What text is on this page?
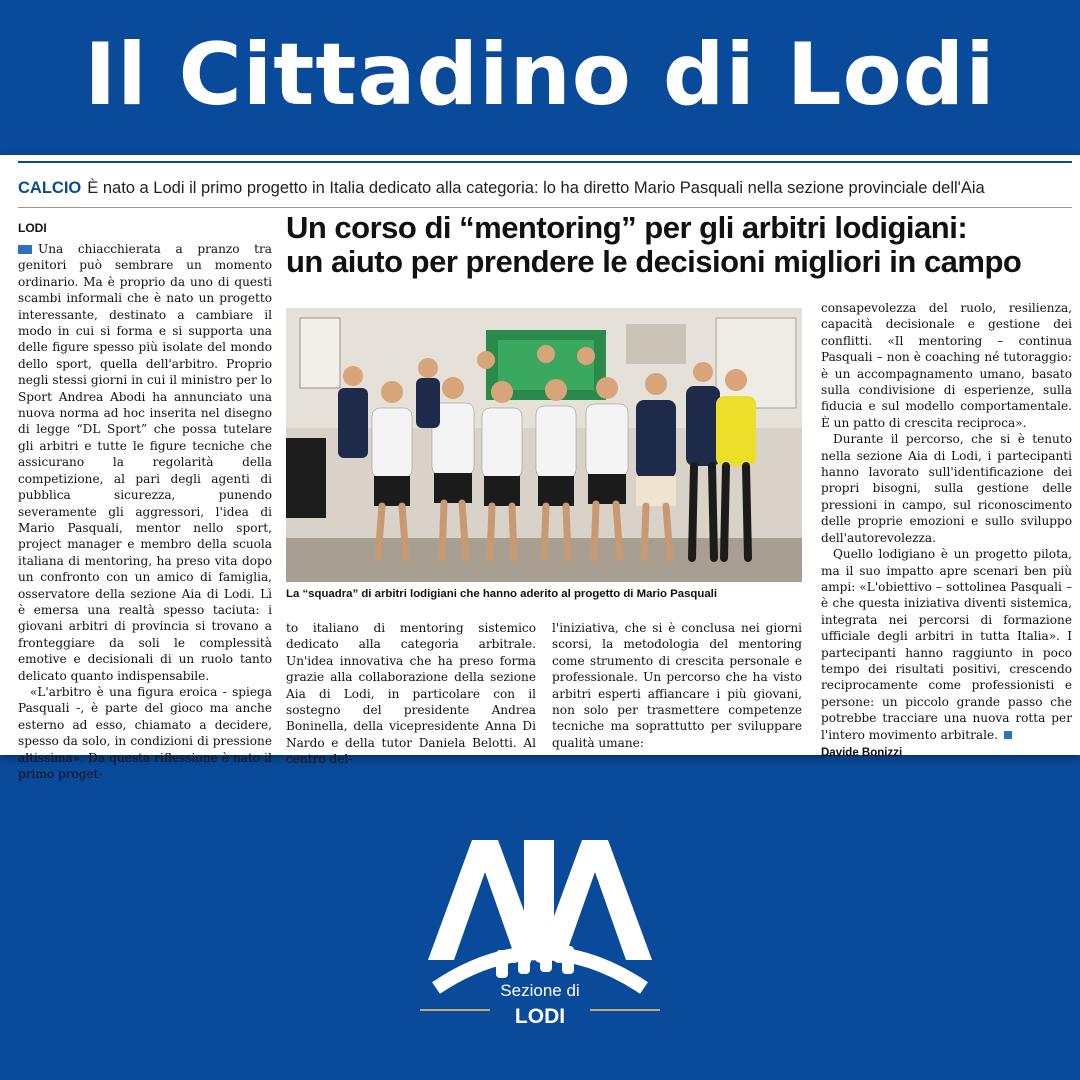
Il Cittadino di Lodi
CALCIO È nato a Lodi il primo progetto in Italia dedicato alla categoria: lo ha diretto Mario Pasquali nella sezione provinciale dell'Aia
LODI

Una chiacchierata a pranzo tra genitori può sembrare un momento ordinario. Ma è proprio da uno di questi scambi informali che è nato un progetto interessante, destinato a cambiare il modo in cui si forma e si supporta una delle figure spesso più isolate del mondo dello sport, quella dell'arbitro. Proprio negli stessi giorni in cui il ministro per lo Sport Andrea Abodi ha annunciato una nuova norma ad hoc inserita nel disegno di legge “DL Sport” che possa tutelare gli arbitri e tutte le figure tecniche che assicurano la regolarità della competizione, al pari degli agenti di pubblica sicurezza, punendo severamente gli aggressori, l'idea di Mario Pasquali, mentor nello sport, project manager e membro della scuola italiana di mentoring, ha preso vita dopo un confronto con un amico di famiglia, osservatore della sezione Aia di Lodi. Lì è emersa una realtà spesso taciuta: i giovani arbitri di provincia si trovano a fronteggiare da soli le complessità emotive e decisionali di un ruolo tanto delicato quanto indispensabile.

«L'arbitro è una figura eroica - spiega Pasquali -, è parte del gioco ma anche esterno ad esso, chiamato a decidere, spesso da solo, in condizioni di pressione altissima». Da questa riflessione è nato il primo proget-

Un corso di “mentoring” per gli arbitri lodigiani:
un aiuto per prendere le decisioni migliori in campo
La “squadra” di arbitri lodigiani che hanno aderito al progetto di Mario Pasquali

to italiano di mentoring sistemico dedicato alla categoria arbitrale. Un'idea innovativa che ha preso forma grazie alla collaborazione della sezione Aia di Lodi, in particolare con il sostegno del presidente Andrea Boninella, della vicepresidente Anna Di Nardo e della tutor Daniela Belotti. Al centro del-

l'iniziativa, che si è conclusa nei giorni scorsi, la metodologia del mentoring come strumento di crescita personale e professionale. Un percorso che ha visto arbitri esperti affiancare i più giovani, non solo per trasmettere competenze tecniche ma soprattutto per sviluppare qualità umane:

consapevolezza del ruolo, resilienza, capacità decisionale e gestione dei conflitti. «Il mentoring – continua Pasquali – non è coaching né tutoraggio: è un accompagnamento umano, basato sulla condivisione di esperienze, sulla fiducia e sul modello comportamentale. È un patto di crescita reciproca».

Durante il percorso, che si è tenuto nella sezione Aia di Lodi, i partecipanti hanno lavorato sull'identificazione dei propri bisogni, sulla gestione delle pressioni in campo, sul riconoscimento delle proprie emozioni e sullo sviluppo dell'autorevolezza.

Quello lodigiano è un progetto pilota, ma il suo impatto apre scenari ben più ampi: «L'obiettivo – sottolinea Pasquali – è che questa iniziativa diventi sistemica, integrata nei percorsi di formazione ufficiale degli arbitri in tutta Italia». I partecipanti hanno raggiunto in poco tempo dei risultati positivi, crescendo reciprocamente come professionisti e persone: un piccolo grande passo che potrebbe tracciare una nuova rotta per l'intero movimento arbitrale.

Davide Bonizzi
FIGC
Sezione di
LODI
